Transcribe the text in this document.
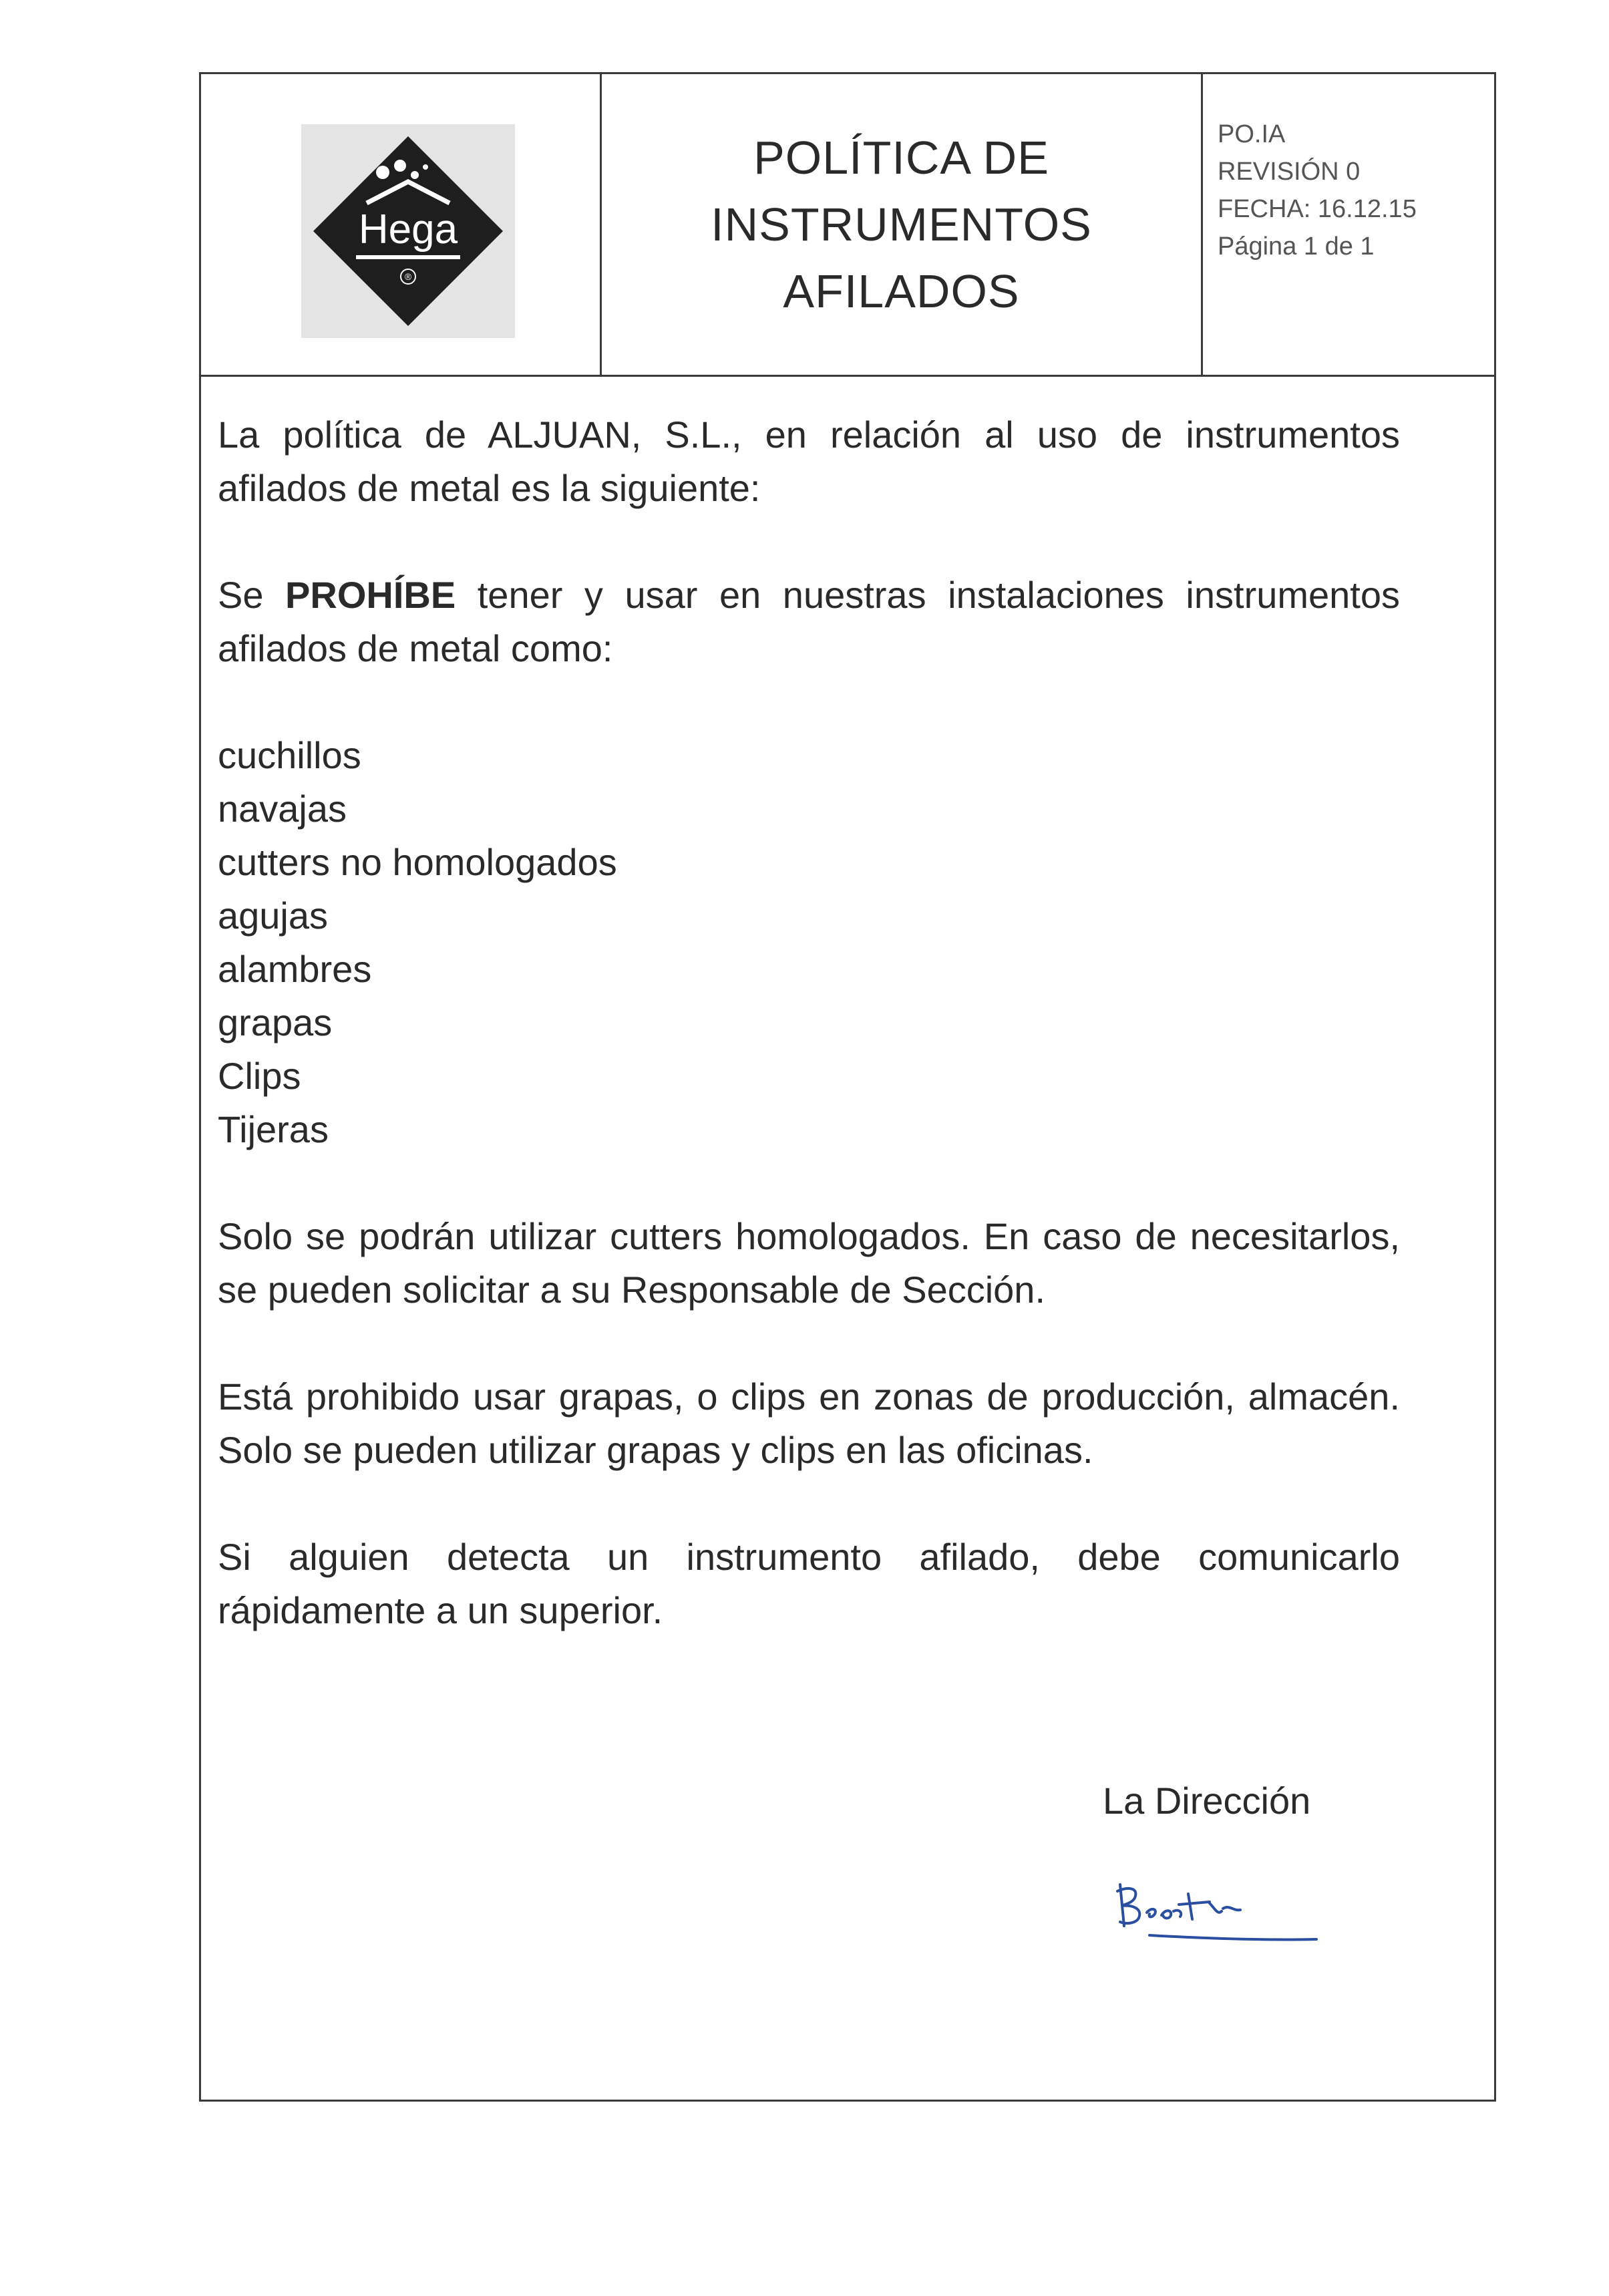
Hega
®
POLÍTICA DE
INSTRUMENTOS
AFILADOS
PO.IA
REVISIÓN 0
FECHA: 16.12.15
Página 1 de 1

La política de ALJUAN, S.L., en relación al uso de instrumentos afilados de metal es la siguiente:

Se PROHÍBE tener y usar en nuestras instalaciones instrumentos afilados de metal como:

cuchillos
navajas
cutters no homologados
agujas
alambres
grapas
Clips
Tijeras

Solo se podrán utilizar cutters homologados. En caso de necesitarlos, se pueden solicitar a su Responsable de Sección.

Está prohibido usar grapas, o clips en zonas de producción, almacén. Solo se pueden utilizar grapas y clips en las oficinas.

Si alguien detecta un instrumento afilado, debe comunicarlo rápidamente a un superior.

La Dirección
